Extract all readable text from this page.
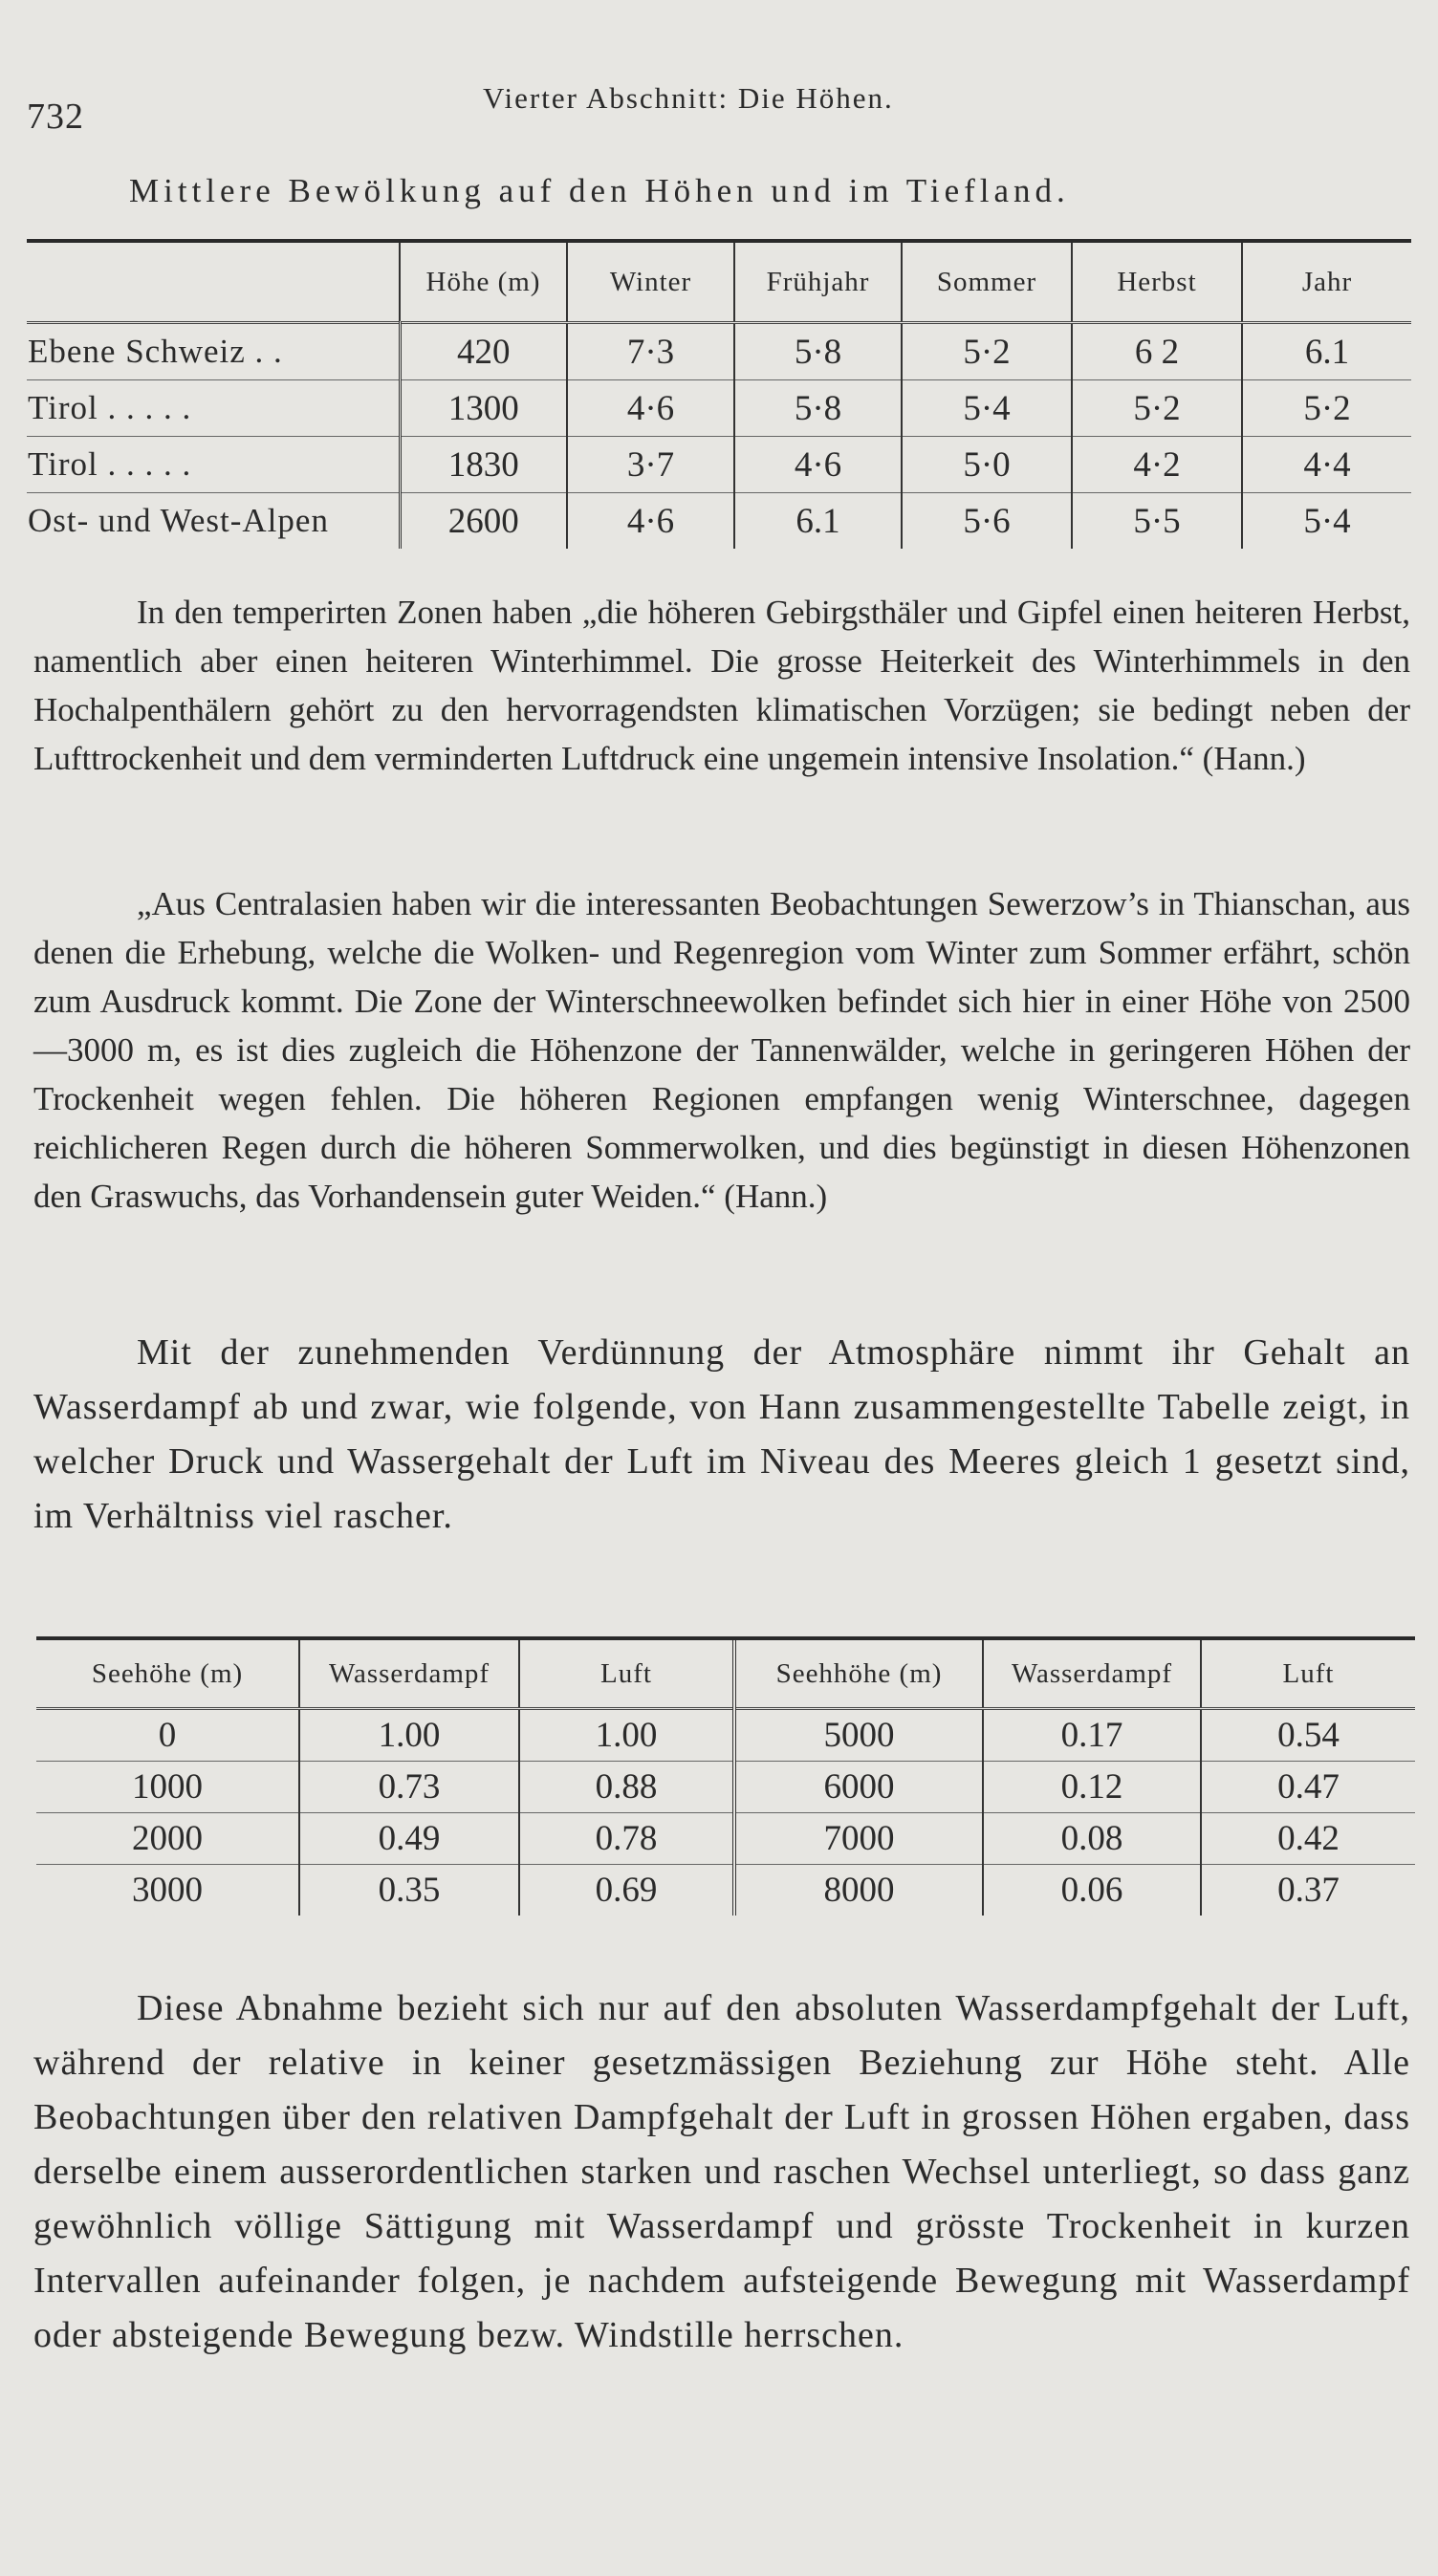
732	Vierter Abschnitt: Die Höhen.
Mittlere Bewölkung auf den Höhen und im Tiefland.
	Höhe (m)	Winter	Frühjahr	Sommer	Herbst	Jahr
Ebene Schweiz . .	420	7·3	5·8	5·2	6 2	6.1
Tirol . . . . .	1300	4·6	5·8	5·4	5·2	5·2
Tirol . . . . .	1830	3·7	4·6	5·0	4·2	4·4
Ost- und West-Alpen	2600	4·6	6.1	5·6	5·5	5·4

In den temperirten Zonen haben „die höheren Gebirgsthäler und Gipfel einen heiteren Herbst, namentlich aber einen heiteren Winterhimmel. Die grosse Heiterkeit des Winterhimmels in den Hochalpenthälern gehört zu den hervorragendsten klimatischen Vorzügen; sie bedingt neben der Lufttrockenheit und dem verminderten Luftdruck eine ungemein intensive Insolation.“ (Hann.)

„Aus Centralasien haben wir die interessanten Beobachtungen Sewerzow’s in Thianschan, aus denen die Erhebung, welche die Wolken- und Regenregion vom Winter zum Sommer erfährt, schön zum Ausdruck kommt. Die Zone der Winterschneewolken befindet sich hier in einer Höhe von 2500—3000 m, es ist dies zugleich die Höhenzone der Tannenwälder, welche in geringeren Höhen der Trockenheit wegen fehlen. Die höheren Regionen empfangen wenig Winterschnee, dagegen reichlicheren Regen durch die höheren Sommerwolken, und dies begünstigt in diesen Höhenzonen den Graswuchs, das Vorhandensein guter Weiden.“ (Hann.)

Mit der zunehmenden Verdünnung der Atmosphäre nimmt ihr Gehalt an Wasserdampf ab und zwar, wie folgende, von Hann zusammengestellte Tabelle zeigt, in welcher Druck und Wassergehalt der Luft im Niveau des Meeres gleich 1 gesetzt sind, im Verhältniss viel rascher.

Seehöhe (m)	Wasserdampf	Luft	Seehhöhe (m)	Wasserdampf	Luft
0	1.00	1.00	5000	0.17	0.54
1000	0.73	0.88	6000	0.12	0.47
2000	0.49	0.78	7000	0.08	0.42
3000	0.35	0.69	8000	0.06	0.37

Diese Abnahme bezieht sich nur auf den absoluten Wasserdampfgehalt der Luft, während der relative in keiner gesetzmässigen Beziehung zur Höhe steht. Alle Beobachtungen über den relativen Dampfgehalt der Luft in grossen Höhen ergaben, dass derselbe einem ausserordentlichen starken und raschen Wechsel unterliegt, so dass ganz gewöhnlich völlige Sättigung mit Wasserdampf und grösste Trockenheit in kurzen Intervallen aufeinander folgen, je nachdem aufsteigende Bewegung mit Wasserdampf oder absteigende Bewegung bezw. Windstille herrschen.
